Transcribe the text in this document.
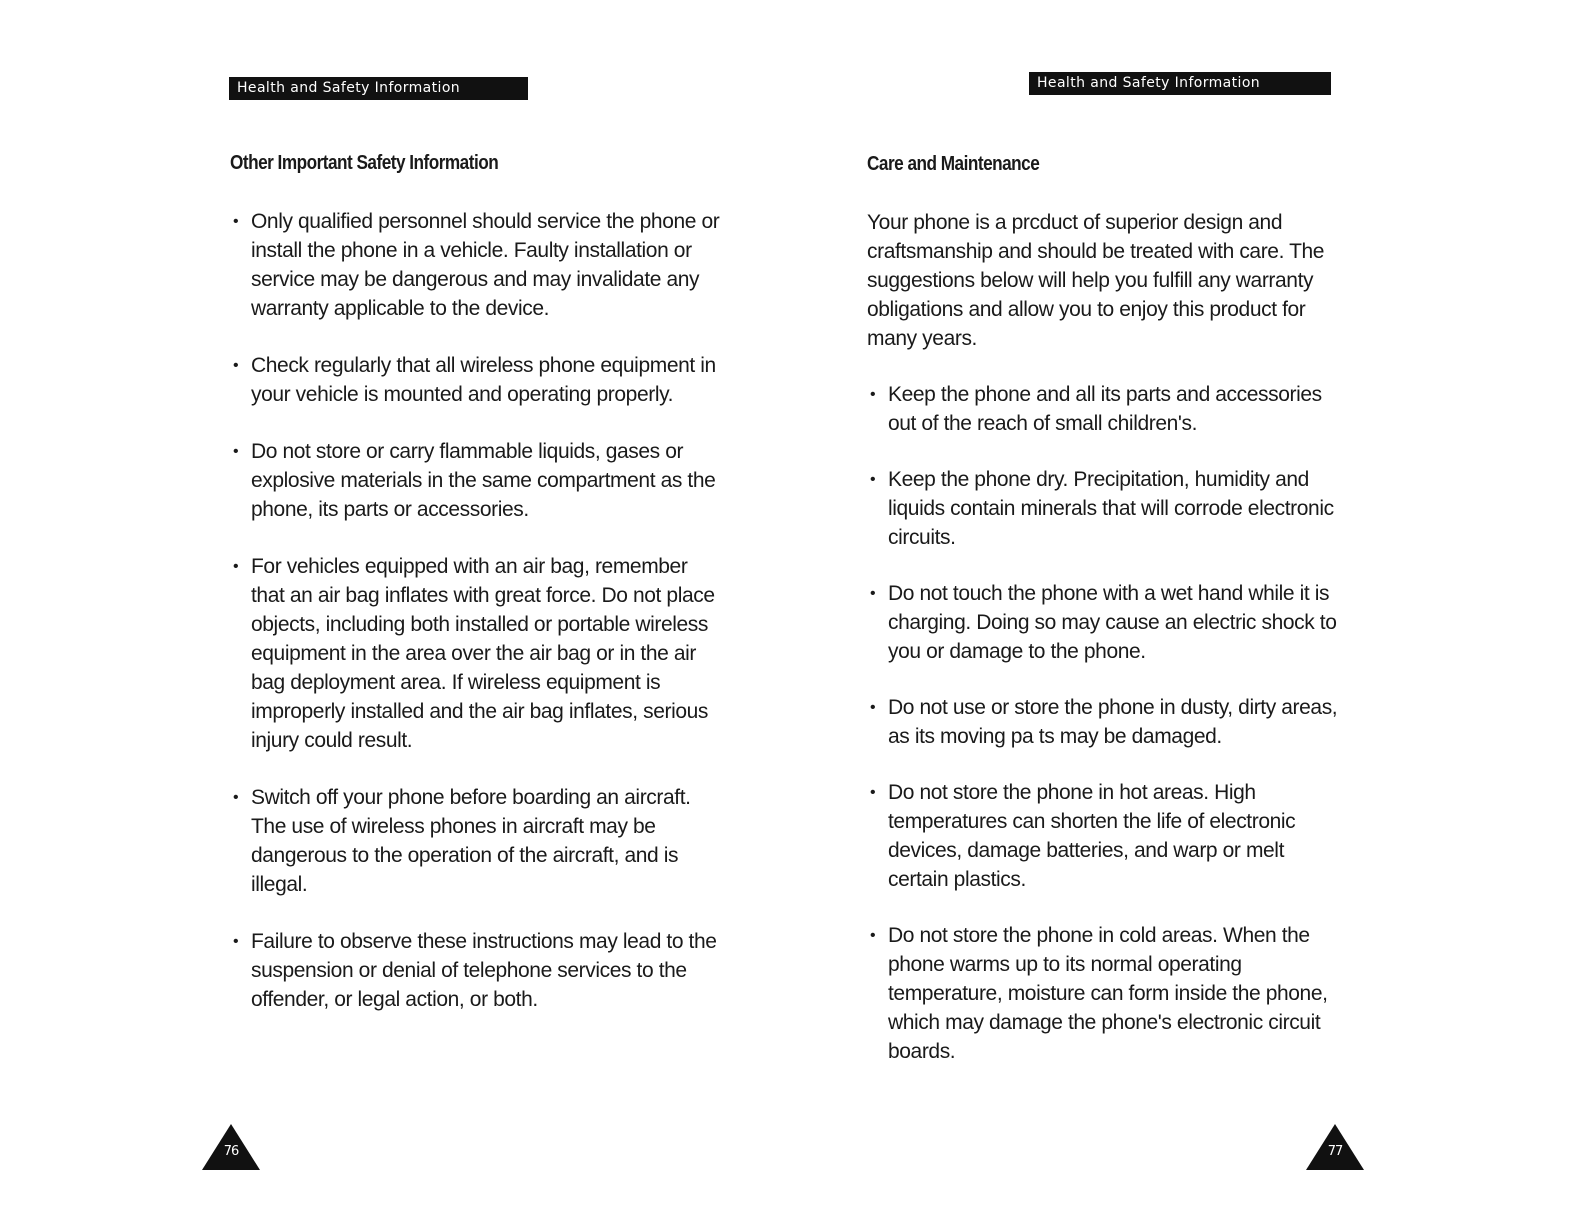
Health and Safety Information
Other Important Safety Information
• Only qualified personnel should service the phone or install the phone in a vehicle. Faulty installation or service may be dangerous and may invalidate any warranty applicable to the device.
• Check regularly that all wireless phone equipment in your vehicle is mounted and operating properly.
• Do not store or carry flammable liquids, gases or explosive materials in the same compartment as the phone, its parts or accessories.
• For vehicles equipped with an air bag, remember that an air bag inflates with great force. Do not place objects, including both installed or portable wireless equipment in the area over the air bag or in the air bag deployment area. If wireless equipment is improperly installed and the air bag inflates, serious injury could result.
• Switch off your phone before boarding an aircraft. The use of wireless phones in aircraft may be dangerous to the operation of the aircraft, and is illegal.
• Failure to observe these instructions may lead to the suspension or denial of telephone services to the offender, or legal action, or both.
76
Health and Safety Information
Care and Maintenance

Your phone is a prcduct of superior design and craftsmanship and should be treated with care. The suggestions below will help you fulfill any warranty obligations and allow you to enjoy this product for many years.

• Keep the phone and all its parts and accessories out of the reach of small children's.
• Keep the phone dry. Precipitation, humidity and liquids contain minerals that will corrode electronic circuits.
• Do not touch the phone with a wet hand while it is charging. Doing so may cause an electric shock to you or damage to the phone.
• Do not use or store the phone in dusty, dirty areas, as its moving pa ts may be damaged.
• Do not store the phone in hot areas. High temperatures can shorten the life of electronic devices, damage batteries, and warp or melt certain plastics.
• Do not store the phone in cold areas. When the phone warms up to its normal operating temperature, moisture can form inside the phone, which may damage the phone's electronic circuit boards.
77
